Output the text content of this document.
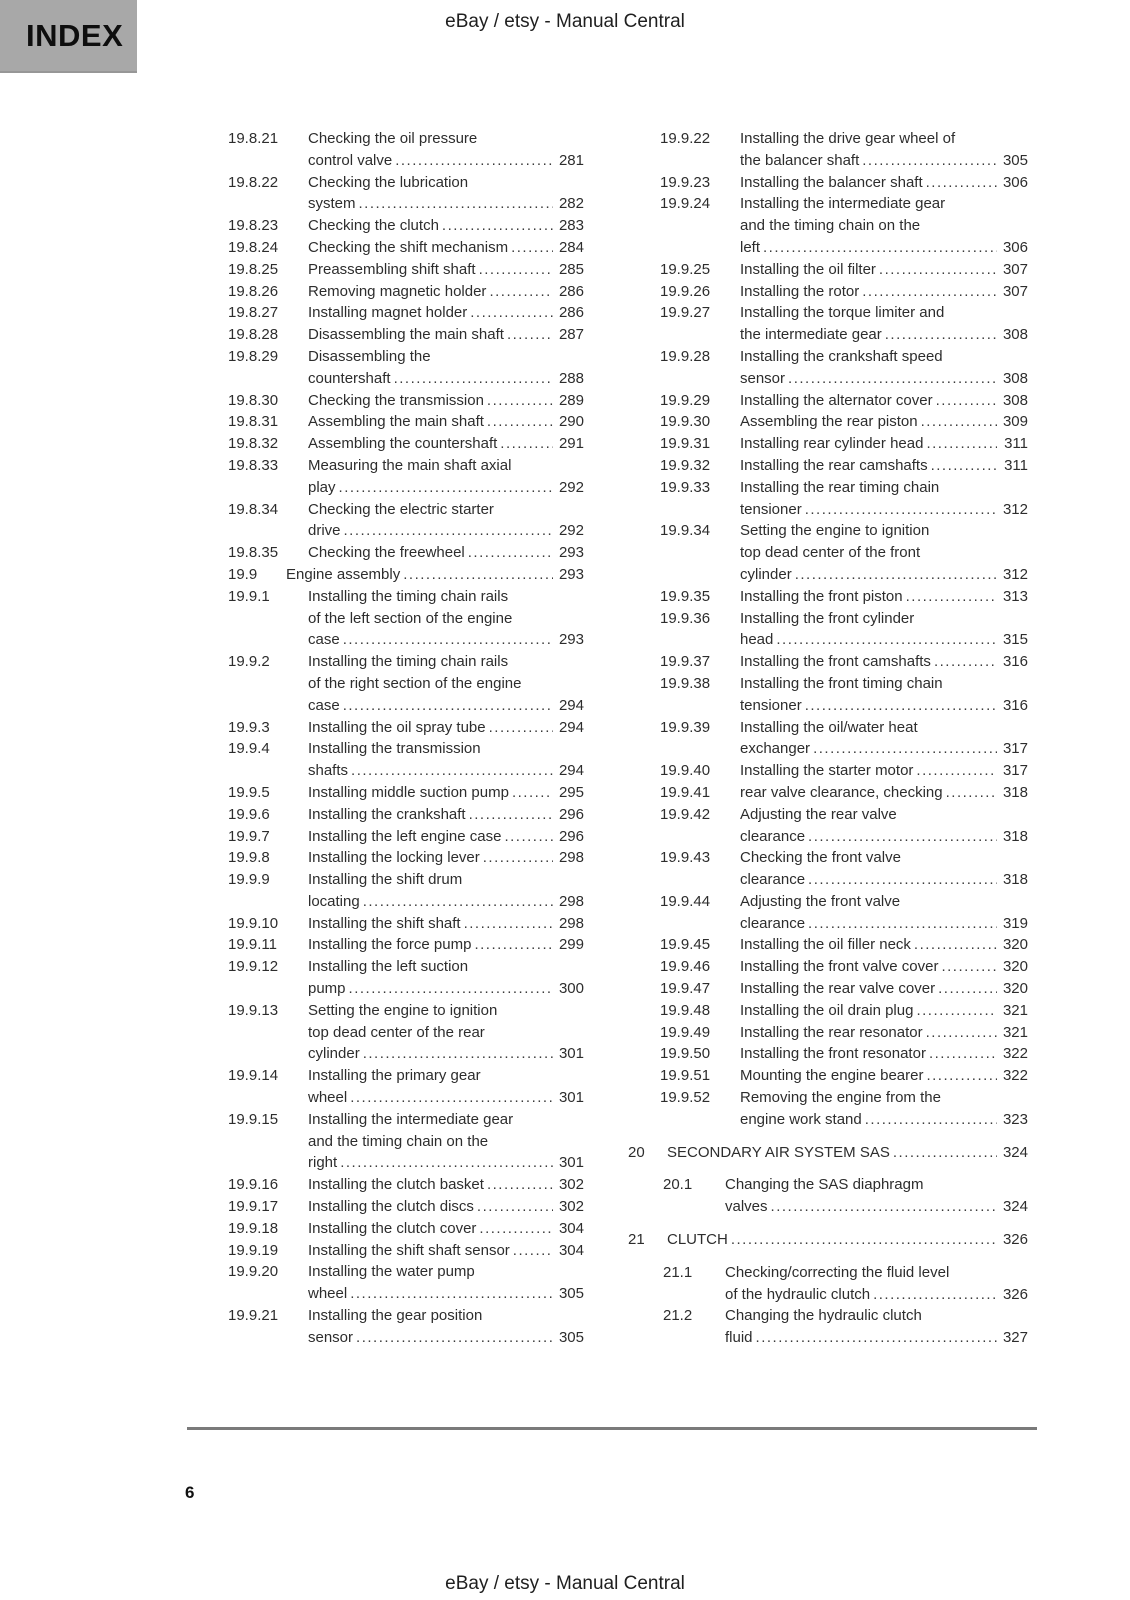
INDEX	eBay / etsy - Manual Central
19.8.21	Checking the oil pressure
control valve .....	281
19.8.22	Checking the lubrication
system .....	282
19.8.23	Checking the clutch .....	283
19.8.24	Checking the shift mechanism .....	284
19.8.25	Preassembling shift shaft .....	285
19.8.26	Removing magnetic holder .....	286
19.8.27	Installing magnet holder .....	286
19.8.28	Disassembling the main shaft .....	287
19.8.29	Disassembling the
countershaft .....	288
19.8.30	Checking the transmission .....	289
19.8.31	Assembling the main shaft .....	290
19.8.32	Assembling the countershaft .....	291
19.8.33	Measuring the main shaft axial
play .....	292
19.8.34	Checking the electric starter
drive .....	292
19.8.35	Checking the freewheel .....	293
19.9	Engine assembly .....	293
19.9.1	Installing the timing chain rails
of the left section of the engine
case .....	293
19.9.2	Installing the timing chain rails
of the right section of the engine
case .....	294
19.9.3	Installing the oil spray tube .....	294
19.9.4	Installing the transmission
shafts .....	294
19.9.5	Installing middle suction pump .....	295
19.9.6	Installing the crankshaft .....	296
19.9.7	Installing the left engine case .....	296
19.9.8	Installing the locking lever .....	298
19.9.9	Installing the shift drum
locating .....	298
19.9.10	Installing the shift shaft .....	298
19.9.11	Installing the force pump .....	299
19.9.12	Installing the left suction
pump .....	300
19.9.13	Setting the engine to ignition
top dead center of the rear
cylinder .....	301
19.9.14	Installing the primary gear
wheel .....	301
19.9.15	Installing the intermediate gear
and the timing chain on the
right .....	301
19.9.16	Installing the clutch basket .....	302
19.9.17	Installing the clutch discs .....	302
19.9.18	Installing the clutch cover .....	304
19.9.19	Installing the shift shaft sensor .....	304
19.9.20	Installing the water pump
wheel .....	305
19.9.21	Installing the gear position
sensor .....	305
19.9.22	Installing the drive gear wheel of
the balancer shaft .....	305
19.9.23	Installing the balancer shaft .....	306
19.9.24	Installing the intermediate gear
and the timing chain on the
left .....	306
19.9.25	Installing the oil filter .....	307
19.9.26	Installing the rotor .....	307
19.9.27	Installing the torque limiter and
the intermediate gear .....	308
19.9.28	Installing the crankshaft speed
sensor .....	308
19.9.29	Installing the alternator cover .....	308
19.9.30	Assembling the rear piston .....	309
19.9.31	Installing rear cylinder head .....	311
19.9.32	Installing the rear camshafts .....	311
19.9.33	Installing the rear timing chain
tensioner .....	312
19.9.34	Setting the engine to ignition
top dead center of the front
cylinder .....	312
19.9.35	Installing the front piston .....	313
19.9.36	Installing the front cylinder
head .....	315
19.9.37	Installing the front camshafts .....	316
19.9.38	Installing the front timing chain
tensioner .....	316
19.9.39	Installing the oil/water heat
exchanger .....	317
19.9.40	Installing the starter motor .....	317
19.9.41	rear valve clearance, checking .....	318
19.9.42	Adjusting the rear valve
clearance .....	318
19.9.43	Checking the front valve
clearance .....	318
19.9.44	Adjusting the front valve
clearance .....	319
19.9.45	Installing the oil filler neck .....	320
19.9.46	Installing the front valve cover .....	320
19.9.47	Installing the rear valve cover .....	320
19.9.48	Installing the oil drain plug .....	321
19.9.49	Installing the rear resonator .....	321
19.9.50	Installing the front resonator .....	322
19.9.51	Mounting the engine bearer .....	322
19.9.52	Removing the engine from the
engine work stand .....	323
20	SECONDARY AIR SYSTEM SAS .....	324
20.1	Changing the SAS diaphragm
valves .....	324
21	CLUTCH .....	326
21.1	Checking/correcting the fluid level
of the hydraulic clutch .....	326
21.2	Changing the hydraulic clutch
fluid .....	327
6
eBay / etsy - Manual Central
